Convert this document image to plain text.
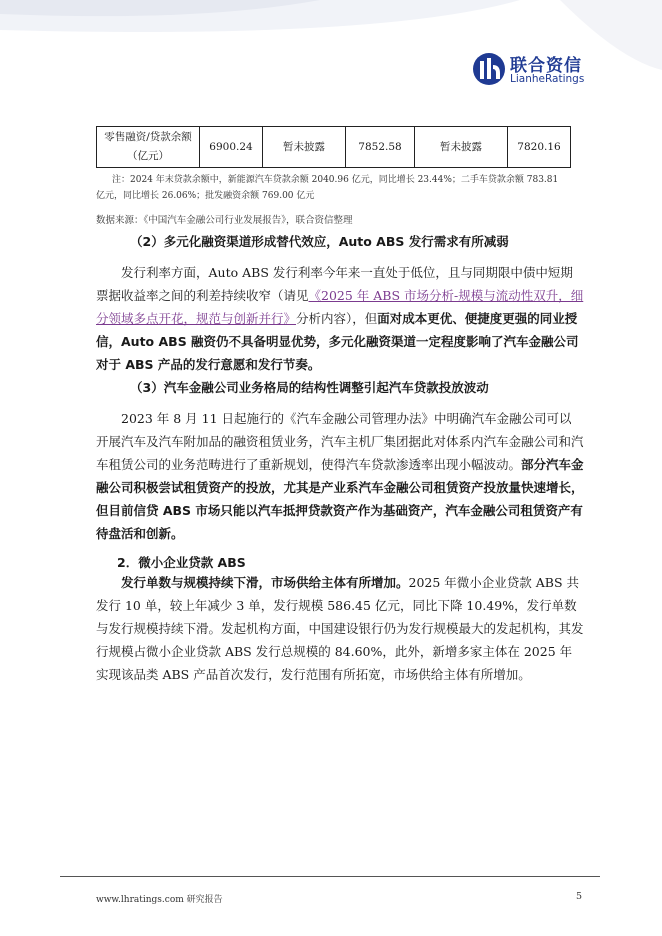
联合资信
LianheRatings
零售融资/贷款余额
（亿元）	6900.24	暂未披露	7852.58	暂未披露	7820.16
注：2024 年末贷款余额中，新能源汽车贷款余额 2040.96 亿元，同比增长 23.44%；二手车贷款余额 783.81
亿元，同比增长 26.06%；批发融资余额 769.00 亿元
数据来源：《中国汽车金融公司行业发展报告》，联合资信整理
（2）多元化融资渠道形成替代效应，Auto ABS 发行需求有所减弱

发行利率方面，Auto ABS 发行利率今年来一直处于低位，且与同期限中债中短期票据收益率之间的利差持续收窄（请见《2025 年 ABS 市场分析-规模与流动性双升，细分领域多点开花，规范与创新并行》分析内容），但面对成本更优、便捷度更强的同业授信，Auto ABS 融资仍不具备明显优势，多元化融资渠道一定程度影响了汽车金融公司对于 ABS 产品的发行意愿和发行节奏。

（3）汽车金融公司业务格局的结构性调整引起汽车贷款投放波动

2023 年 8 月 11 日起施行的《汽车金融公司管理办法》中明确汽车金融公司可以开展汽车及汽车附加品的融资租赁业务，汽车主机厂集团据此对体系内汽车金融公司和汽车租赁公司的业务范畴进行了重新规划，使得汽车贷款渗透率出现小幅波动。部分汽车金融公司积极尝试租赁资产的投放，尤其是产业系汽车金融公司租赁资产投放量快速增长，但目前信贷 ABS 市场只能以汽车抵押贷款资产作为基础资产，汽车金融公司租赁资产有待盘活和创新。

2．微小企业贷款 ABS

发行单数与规模持续下滑，市场供给主体有所增加。2025 年微小企业贷款 ABS 共发行 10 单，较上年减少 3 单，发行规模 586.45 亿元，同比下降 10.49%，发行单数与发行规模持续下滑。发起机构方面，中国建设银行仍为发行规模最大的发起机构，其发行规模占微小企业贷款 ABS 发行总规模的 84.60%，此外，新增多家主体在 2025 年实现该品类 ABS 产品首次发行，发行范围有所拓宽，市场供给主体有所增加。

www.lhratings.com 研究报告	5
